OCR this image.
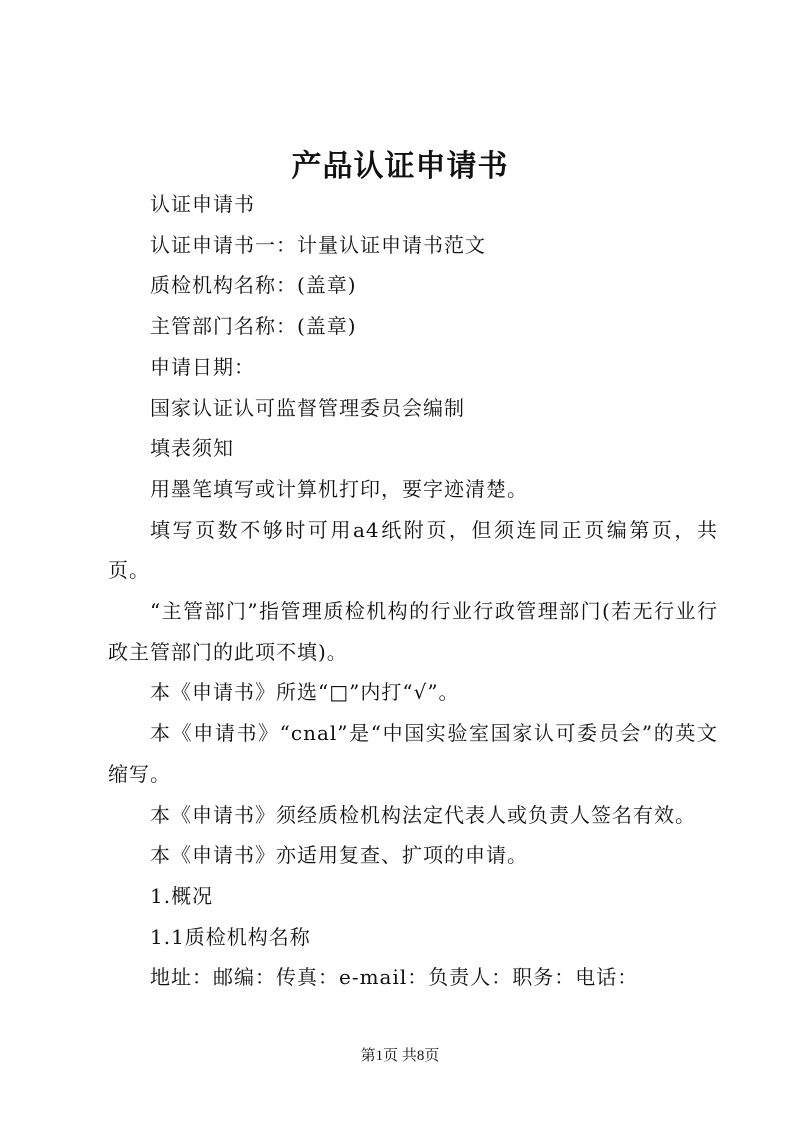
产品认证申请书

认证申请书

认证申请书一：计量认证申请书范文

质检机构名称：(盖章)

主管部门名称：(盖章)

申请日期：

国家认证认可监督管理委员会编制

填表须知

用墨笔填写或计算机打印，要字迹清楚。

填写页数不够时可用a4纸附页，但须连同正页编第页，共页。

“主管部门”指管理质检机构的行业行政管理部门(若无行业行政主管部门的此项不填)。

本《申请书》所选“□”内打“√”。

本《申请书》“cnal”是“中国实验室国家认可委员会”的英文缩写。

本《申请书》须经质检机构法定代表人或负责人签名有效。

本《申请书》亦适用复查、扩项的申请。

1.概况

1.1质检机构名称

地址：邮编：传真：e-mail：负责人：职务：电话：

第1页 共8页
